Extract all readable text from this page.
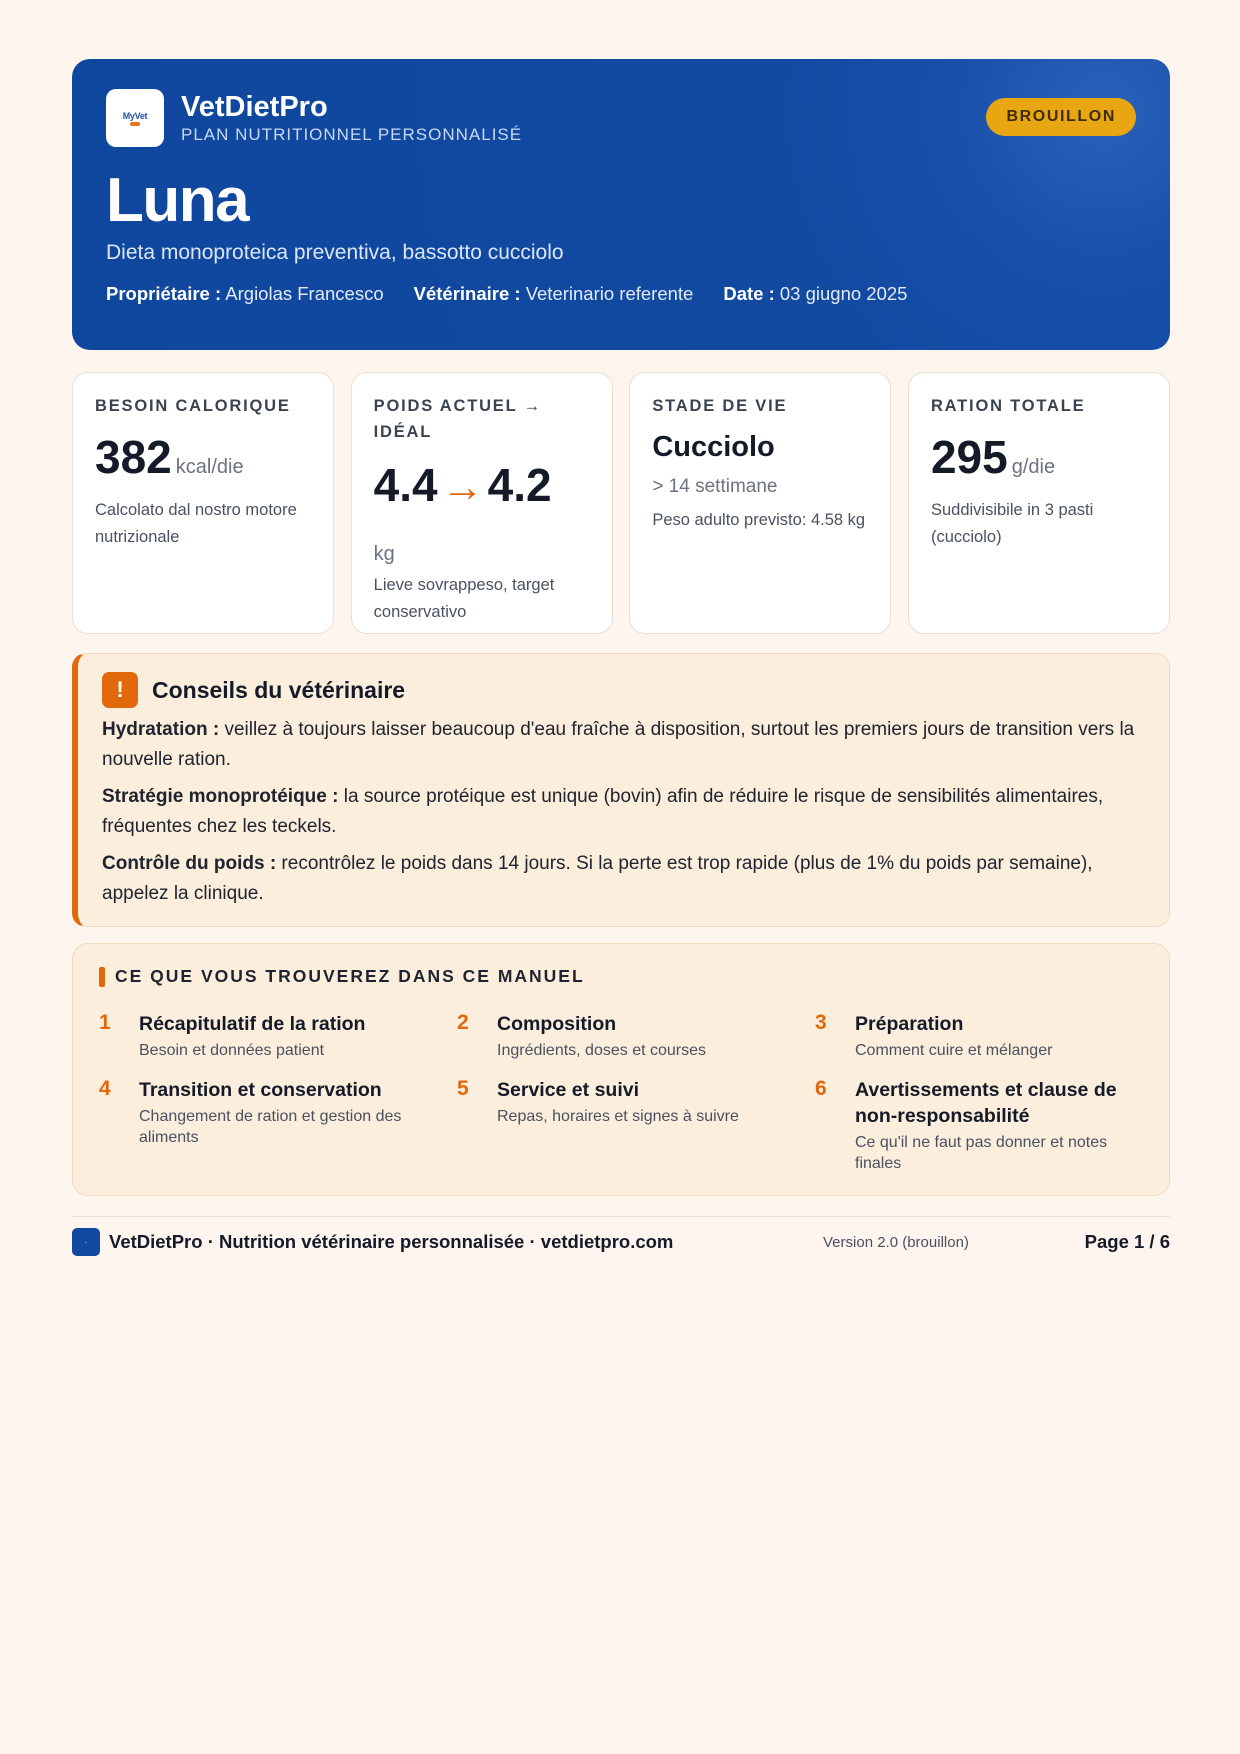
MyVet VetDietPro
PLAN NUTRITIONNEL PERSONNALISÉ
BROUILLON
Luna
Dieta monoproteica preventiva, bassotto cucciolo
Propriétaire : Argiolas Francesco Vétérinaire : Veterinario referente Date : 03 giugno 2025
BESOIN CALORIQUE
382 kcal/die
Calcolato dal nostro motore nutrizionale
POIDS ACTUEL → IDÉAL
4.4→4.2
kg
Lieve sovrappeso, target conservativo
STADE DE VIE
Cucciolo
> 14 settimane
Peso adulto previsto: 4.58 kg
RATION TOTALE
295 g/die
Suddivisibile in 3 pasti (cucciolo)
!	Conseils du vétérinaire
Hydratation : veillez à toujours laisser beaucoup d'eau fraîche à disposition, surtout les premiers jours de transition vers la nouvelle ration.
Stratégie monoprotéique : la source protéique est unique (bovin) afin de réduire le risque de sensibilités alimentaires, fréquentes chez les teckels.
Contrôle du poids : recontrôlez le poids dans 14 jours. Si la perte est trop rapide (plus de 1% du poids par semaine), appelez la clinique.
CE QUE VOUS TROUVEREZ DANS CE MANUEL
1	Récapitulatif de la ration
Besoin et données patient
2	Composition
Ingrédients, doses et courses
3	Préparation
Comment cuire et mélanger
4	Transition et conservation
Changement de ration et gestion des aliments
5	Service et suivi
Repas, horaires et signes à suivre
6	Avertissements et clause de non-responsabilité
Ce qu'il ne faut pas donner et notes finales
·	VetDietPro · Nutrition vétérinaire personnalisée · vetdietpro.com	Version 2.0 (brouillon)	Page 1 / 6
